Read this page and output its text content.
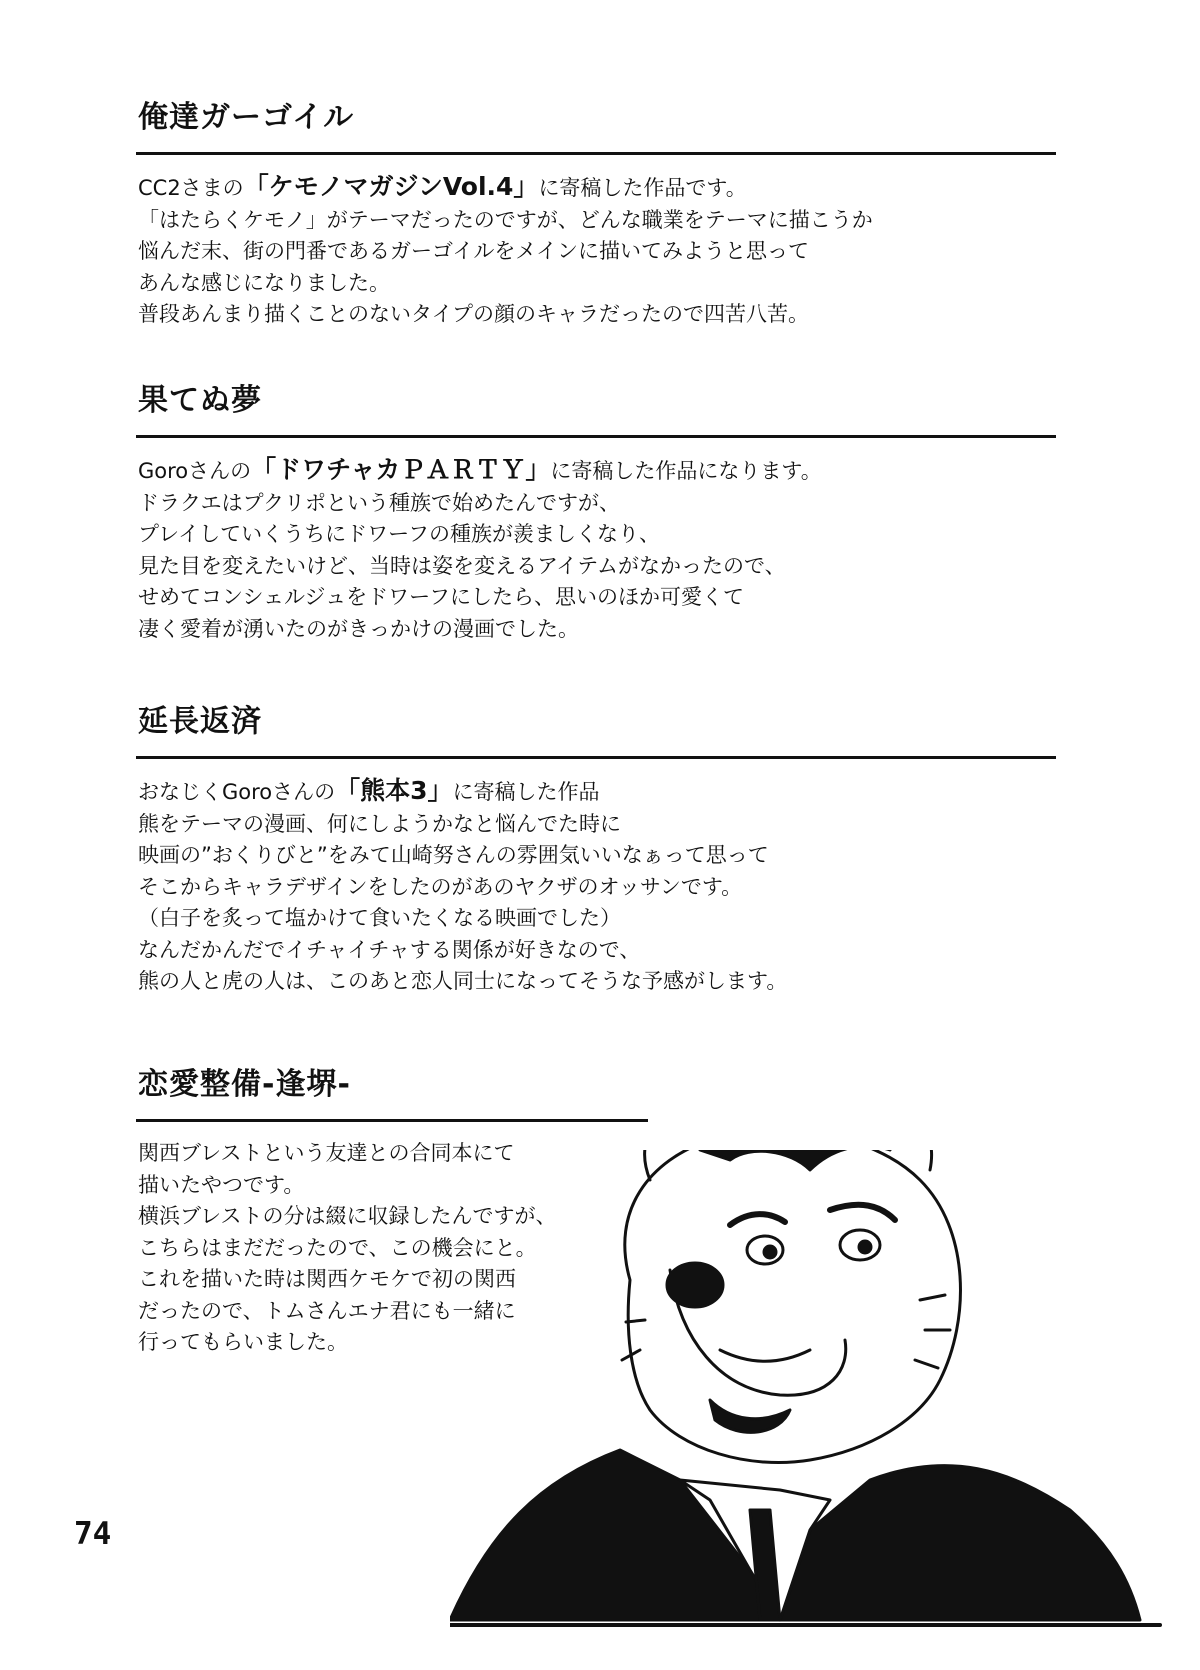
俺達ガーゴイル
CC2さまの「ケモノマガジンVol.4」に寄稿した作品です。
「はたらくケモノ」がテーマだったのですが、どんな職業をテーマに描こうか
悩んだ末、街の門番であるガーゴイルをメインに描いてみようと思って
あんな感じになりました。
普段あんまり描くことのないタイプの顔のキャラだったので四苦八苦。
果てぬ夢
Goroさんの「ドワチャカＰＡＲＴＹ」に寄稿した作品になります。
ドラクエはプクリポという種族で始めたんですが、
プレイしていくうちにドワーフの種族が羨ましくなり、
見た目を変えたいけど、当時は姿を変えるアイテムがなかったので、
せめてコンシェルジュをドワーフにしたら、思いのほか可愛くて
凄く愛着が湧いたのがきっかけの漫画でした。
延長返済
おなじくGoroさんの「熊本3」に寄稿した作品
熊をテーマの漫画、何にしようかなと悩んでた時に
映画の”おくりびと”をみて山崎努さんの雰囲気いいなぁって思って
そこからキャラデザインをしたのがあのヤクザのオッサンです。
（白子を炙って塩かけて食いたくなる映画でした）
なんだかんだでイチャイチャする関係が好きなので、
熊の人と虎の人は、このあと恋人同士になってそうな予感がします。
恋愛整備-逢堺-
関西ブレストという友達との合同本にて
描いたやつです。
横浜ブレストの分は綴に収録したんですが、
こちらはまだだったので、この機会にと。
これを描いた時は関西ケモケで初の関西
だったので、トムさんエナ君にも一緒に
行ってもらいました。
74
